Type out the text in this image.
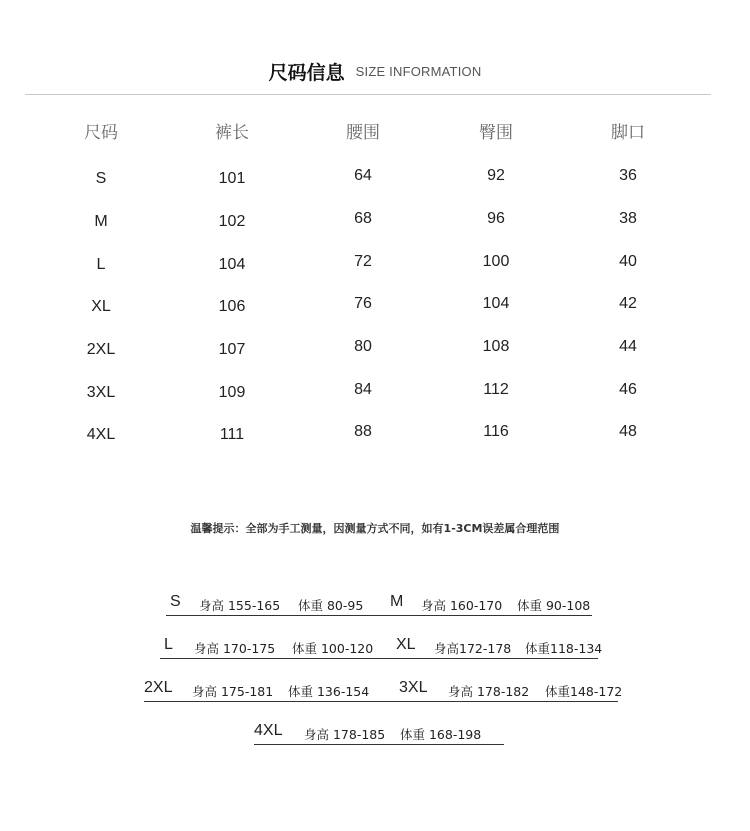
尺码信息 SIZE INFORMATION
尺码	裤长	腰围	臀围	脚口
S	101	64	92	36
M	102	68	96	38
L	104	72	100	40
XL	106	76	104	42
2XL	107	80	108	44
3XL	109	84	112	46
4XL	111	88	116	48
温馨提示：全部为手工测量，因测量方式不同，如有1-3CM误差属合理范围
S 身高 155-165 体重 80-95 M 身高 160-170 体重 90-108
L 身高 170-175 体重 100-120 XL 身高172-178 体重118-134
2XL 身高 175-181 体重 136-154 3XL 身高 178-182 体重148-172
4XL 身高 178-185 体重 168-198
